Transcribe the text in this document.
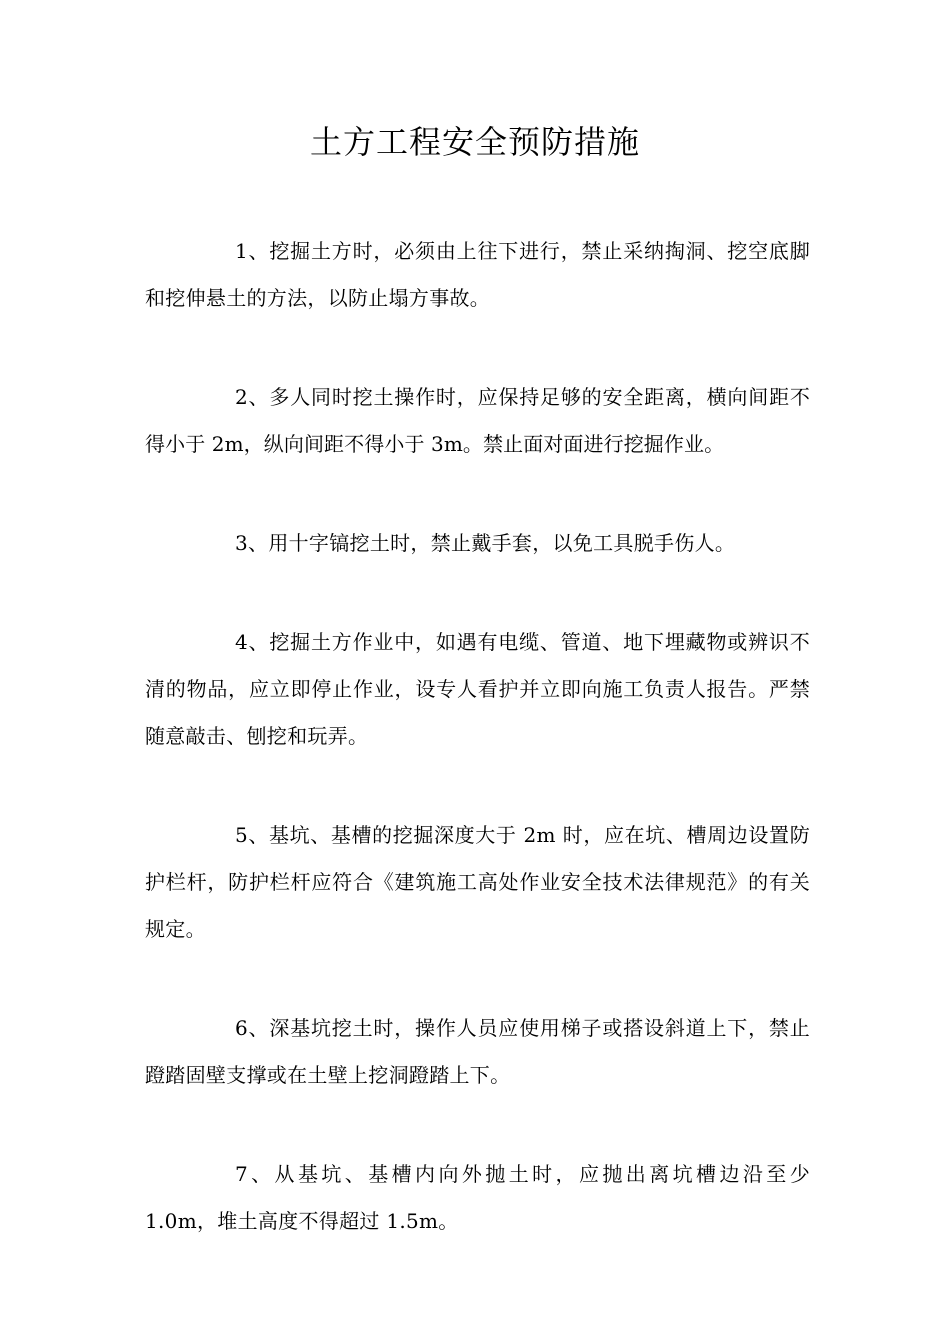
土方工程安全预防措施

1、挖掘土方时，必须由上往下进行，禁止采纳掏洞、挖空底脚和挖伸悬土的方法，以防止塌方事故。

2、多人同时挖土操作时，应保持足够的安全距离，横向间距不得小于 2m，纵向间距不得小于 3m。禁止面对面进行挖掘作业。

3、用十字镐挖土时，禁止戴手套，以免工具脱手伤人。

4、挖掘土方作业中，如遇有电缆、管道、地下埋藏物或辨识不清的物品，应立即停止作业，设专人看护并立即向施工负责人报告。严禁随意敲击、刨挖和玩弄。

5、基坑、基槽的挖掘深度大于 2m 时，应在坑、槽周边设置防护栏杆，防护栏杆应符合《建筑施工高处作业安全技术法律规范》的有关规定。

6、深基坑挖土时，操作人员应使用梯子或搭设斜道上下，禁止蹬踏固壁支撑或在土壁上挖洞蹬踏上下。

7、从基坑、基槽内向外抛土时，应抛出离坑槽边沿至少 1.0m，堆土高度不得超过 1.5m。
